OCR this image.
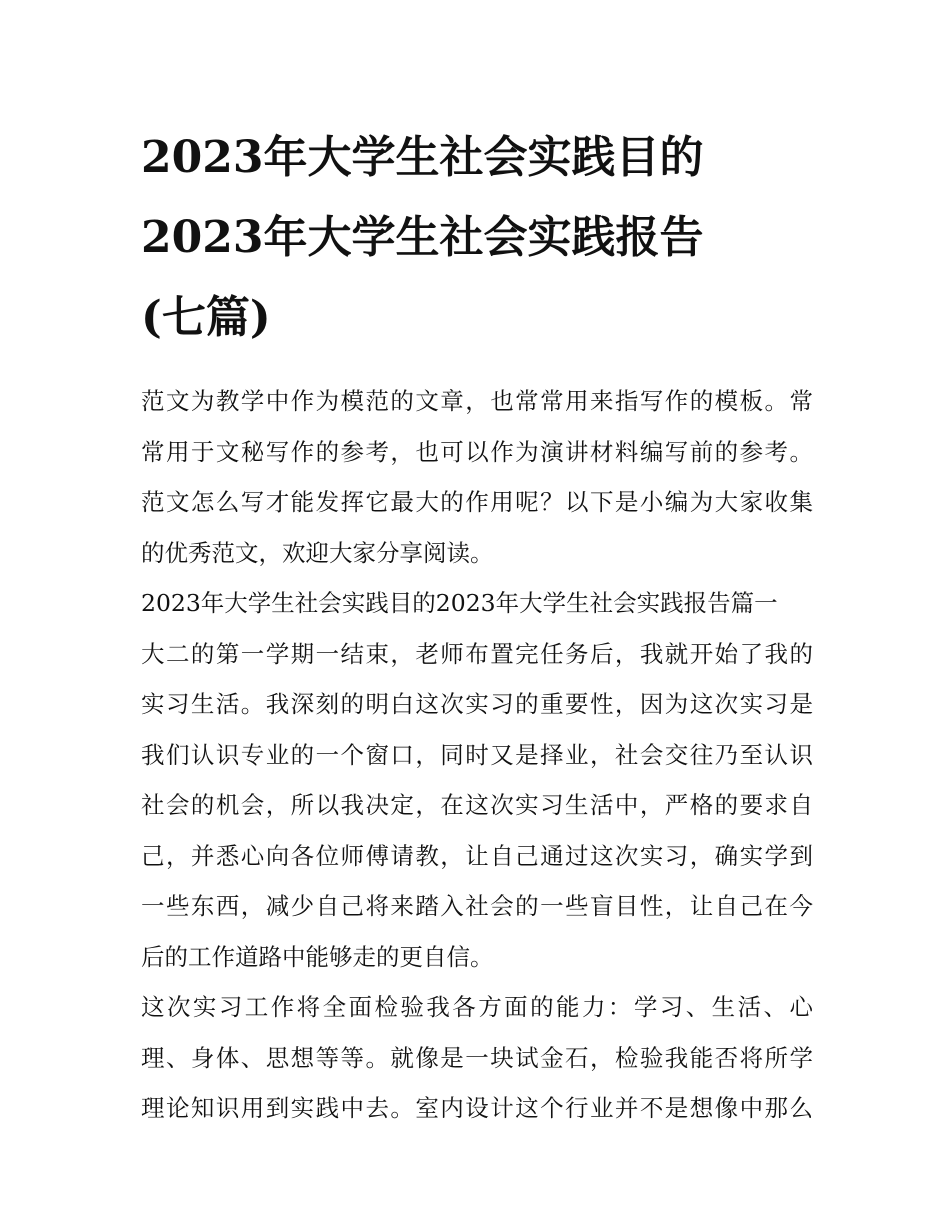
2023年大学生社会实践目的
2023年大学生社会实践报告
(七篇)
范文为教学中作为模范的文章，也常常用来指写作的模板。常
常用于文秘写作的参考，也可以作为演讲材料编写前的参考。
范文怎么写才能发挥它最大的作用呢？以下是小编为大家收集
的优秀范文，欢迎大家分享阅读。
2023年大学生社会实践目的2023年大学生社会实践报告篇一
大二的第一学期一结束，老师布置完任务后，我就开始了我的
实习生活。我深刻的明白这次实习的重要性，因为这次实习是
我们认识专业的一个窗口，同时又是择业，社会交往乃至认识
社会的机会，所以我决定，在这次实习生活中，严格的要求自
己，并悉心向各位师傅请教，让自己通过这次实习，确实学到
一些东西，减少自己将来踏入社会的一些盲目性，让自己在今
后的工作道路中能够走的更自信。
这次实习工作将全面检验我各方面的能力：学习、生活、心
理、身体、思想等等。就像是一块试金石，检验我能否将所学
理论知识用到实践中去。室内设计这个行业并不是想像中那么
